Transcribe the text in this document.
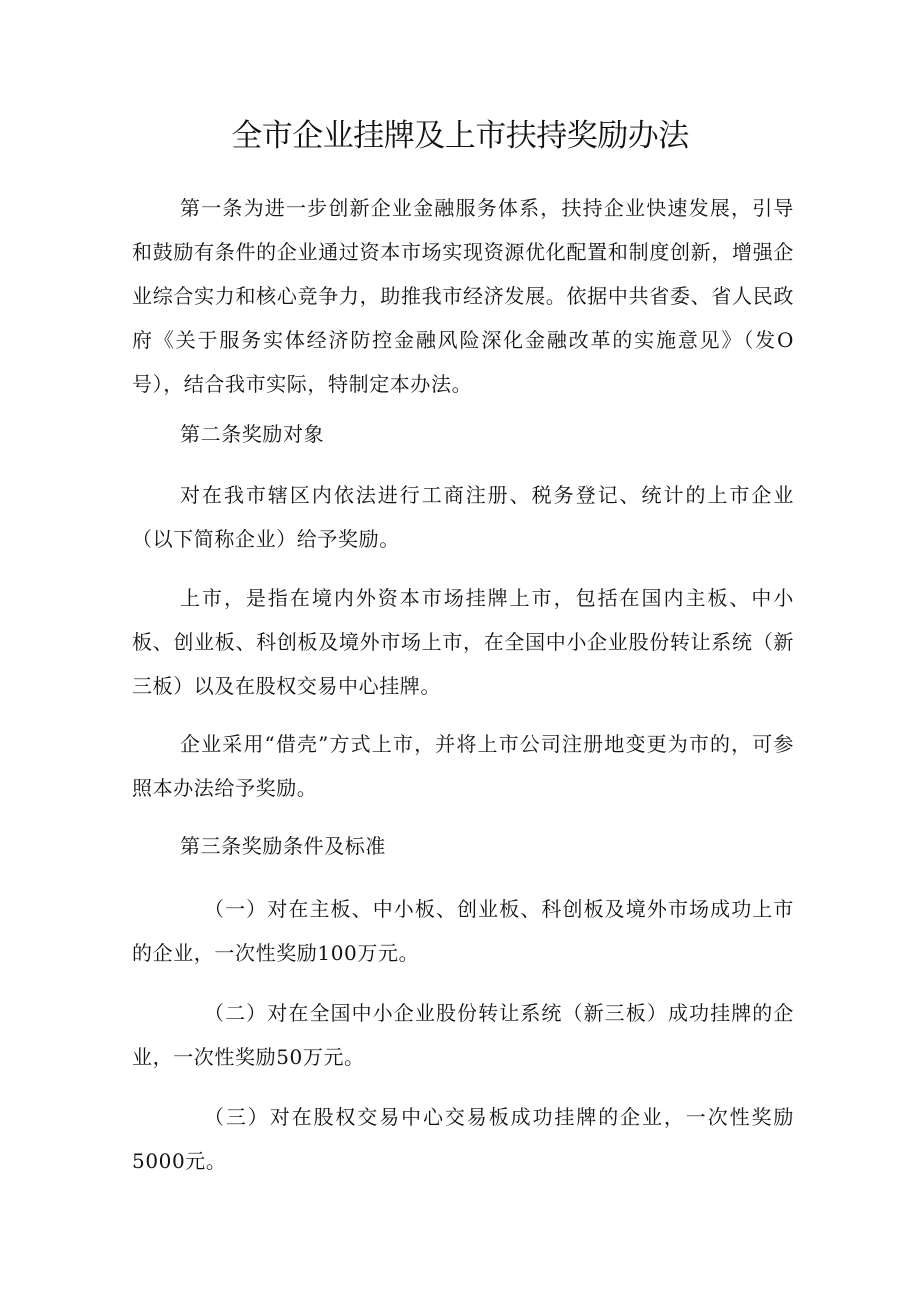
全市企业挂牌及上市扶持奖励办法

第一条为进一步创新企业金融服务体系，扶持企业快速发展，引导和鼓励有条件的企业通过资本市场实现资源优化配置和制度创新，增强企业综合实力和核心竞争力，助推我市经济发展。依据中共省委、省人民政府《关于服务实体经济防控金融风险深化金融改革的实施意见》（发O号），结合我市实际，特制定本办法。

第二条奖励对象

对在我市辖区内依法进行工商注册、税务登记、统计的上市企业（以下简称企业）给予奖励。

上市，是指在境内外资本市场挂牌上市，包括在国内主板、中小板、创业板、科创板及境外市场上市，在全国中小企业股份转让系统（新三板）以及在股权交易中心挂牌。

企业采用“借壳”方式上市，并将上市公司注册地变更为市的，可参照本办法给予奖励。

第三条奖励条件及标准

（一）对在主板、中小板、创业板、科创板及境外市场成功上市的企业，一次性奖励100万元。

（二）对在全国中小企业股份转让系统（新三板）成功挂牌的企业，一次性奖励50万元。

（三）对在股权交易中心交易板成功挂牌的企业，一次性奖励5000元。
